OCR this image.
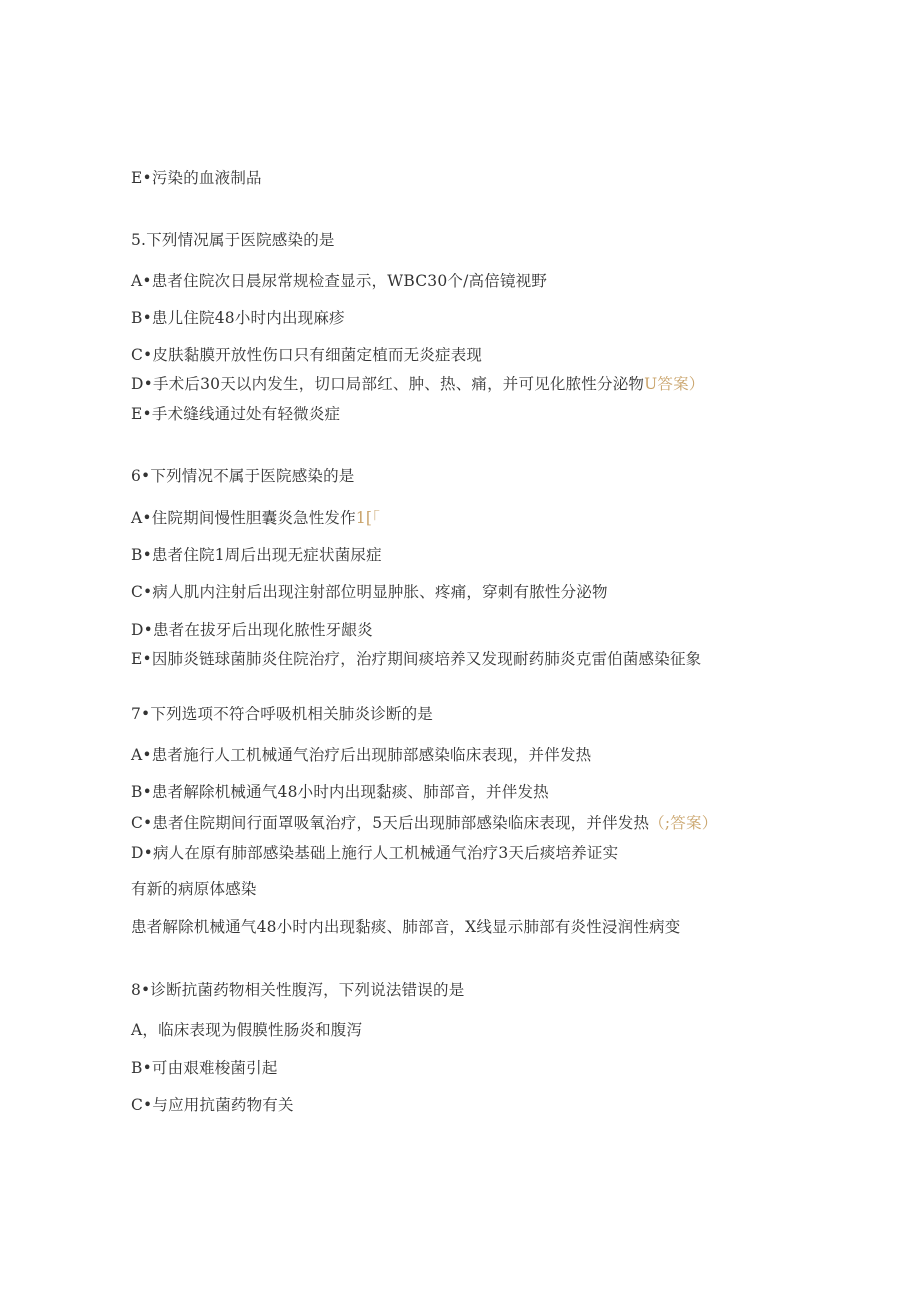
E•污染的血液制品
5.下列情况属于医院感染的是
A•患者住院次日晨尿常规检查显示，WBC30个/高倍镜视野
B•患儿住院48小时内出现麻疹
C•皮肤黏膜开放性伤口只有细菌定植而无炎症表现
D•手术后30天以内发生，切口局部红、肿、热、痛，并可见化脓性分泌物U答案）
E•手术缝线通过处有轻微炎症
6•下列情况不属于医院感染的是
A•住院期间慢性胆囊炎急性发作1[「
B•患者住院1周后出现无症状菌尿症
C•病人肌内注射后出现注射部位明显肿胀、疼痛，穿刺有脓性分泌物
D•患者在拔牙后出现化脓性牙龈炎
E•因肺炎链球菌肺炎住院治疗，治疗期间痰培养又发现耐药肺炎克雷伯菌感染征象
7•下列选项不符合呼吸机相关肺炎诊断的是
A•患者施行人工机械通气治疗后出现肺部感染临床表现，并伴发热
B•患者解除机械通气48小时内出现黏痰、肺部音，并伴发热
C•患者住院期间行面罩吸氧治疗，5天后出现肺部感染临床表现，并伴发热（;答案）
D•病人在原有肺部感染基础上施行人工机械通气治疗3天后痰培养证实
有新的病原体感染
患者解除机械通气48小时内出现黏痰、肺部音，X线显示肺部有炎性浸润性病变
8•诊断抗菌药物相关性腹泻，下列说法错误的是
A，临床表现为假膜性肠炎和腹泻
B•可由艰难梭菌引起
C•与应用抗菌药物有关
